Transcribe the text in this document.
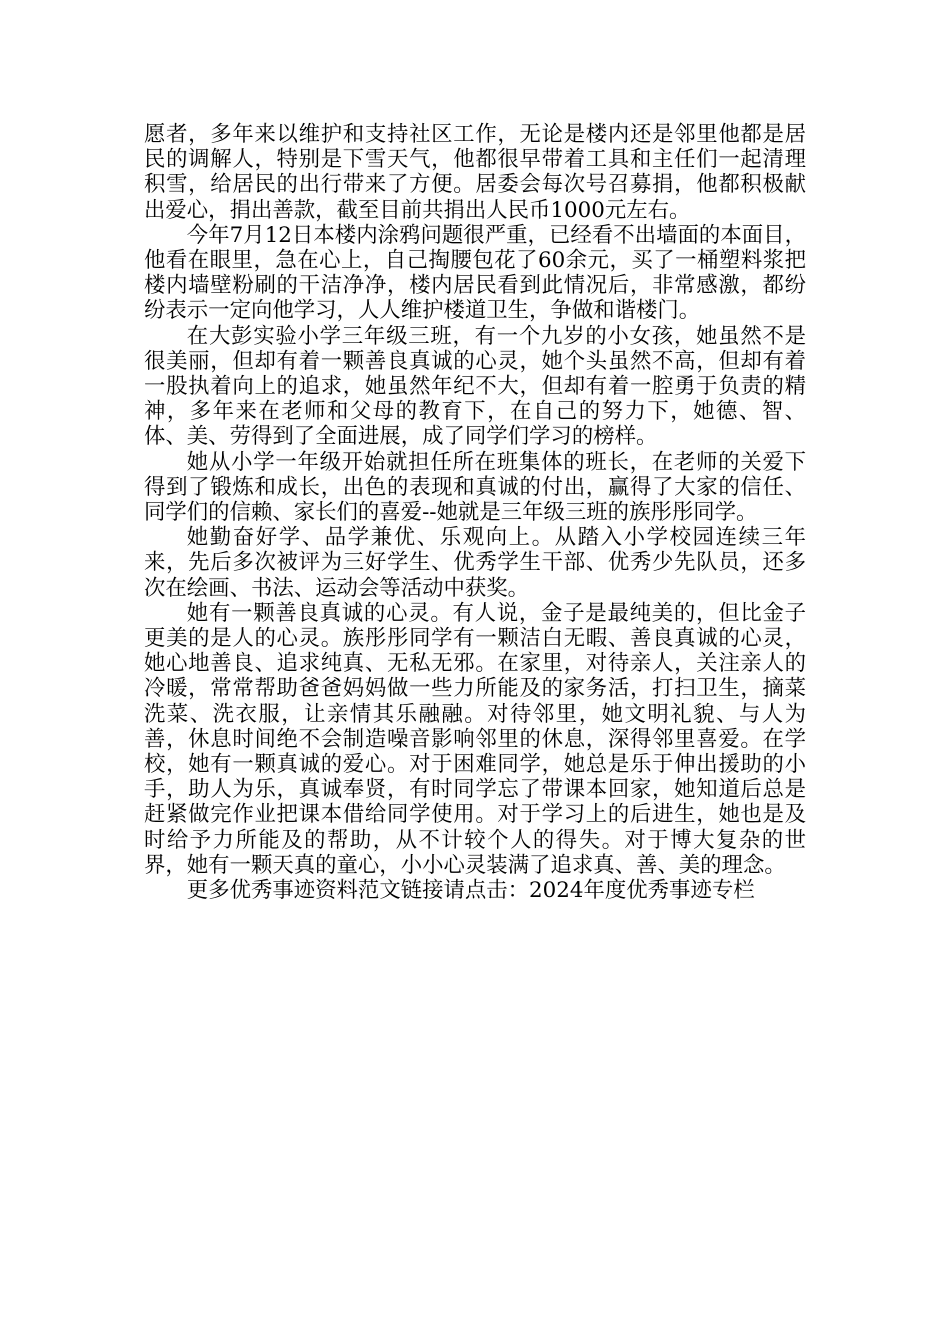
愿者，多年来以维护和支持社区工作，无论是楼内还是邻里他都是居民的调解人，特别是下雪天气，他都很早带着工具和主任们一起清理积雪，给居民的出行带来了方便。居委会每次号召募捐，他都积极献出爱心，捐出善款，截至目前共捐出人民币1000元左右。

今年7月12日本楼内涂鸦问题很严重，已经看不出墙面的本面目，他看在眼里，急在心上，自己掏腰包花了60余元，买了一桶塑料浆把楼内墙壁粉刷的干洁净净，楼内居民看到此情况后，非常感激，都纷纷表示一定向他学习，人人维护楼道卫生，争做和谐楼门。

在大彭实验小学三年级三班，有一个九岁的小女孩，她虽然不是很美丽，但却有着一颗善良真诚的心灵，她个头虽然不高，但却有着一股执着向上的追求，她虽然年纪不大，但却有着一腔勇于负责的精神，多年来在老师和父母的教育下，在自己的努力下，她德、智、体、美、劳得到了全面进展，成了同学们学习的榜样。

她从小学一年级开始就担任所在班集体的班长，在老师的关爱下得到了锻炼和成长，出色的表现和真诚的付出，赢得了大家的信任、同学们的信赖、家长们的喜爱--她就是三年级三班的族彤彤同学。

她勤奋好学、品学兼优、乐观向上。从踏入小学校园连续三年来，先后多次被评为三好学生、优秀学生干部、优秀少先队员，还多次在绘画、书法、运动会等活动中获奖。

她有一颗善良真诚的心灵。有人说，金子是最纯美的，但比金子更美的是人的心灵。族彤彤同学有一颗洁白无暇、善良真诚的心灵，她心地善良、追求纯真、无私无邪。在家里，对待亲人，关注亲人的冷暖，常常帮助爸爸妈妈做一些力所能及的家务活，打扫卫生，摘菜洗菜、洗衣服，让亲情其乐融融。对待邻里，她文明礼貌、与人为善，休息时间绝不会制造噪音影响邻里的休息，深得邻里喜爱。在学校，她有一颗真诚的爱心。对于困难同学，她总是乐于伸出援助的小手，助人为乐，真诚奉贤，有时同学忘了带课本回家，她知道后总是赶紧做完作业把课本借给同学使用。对于学习上的后进生，她也是及时给予力所能及的帮助，从不计较个人的得失。对于博大复杂的世界，她有一颗天真的童心，小小心灵装满了追求真、善、美的理念。

更多优秀事迹资料范文链接请点击：2024年度优秀事迹专栏
